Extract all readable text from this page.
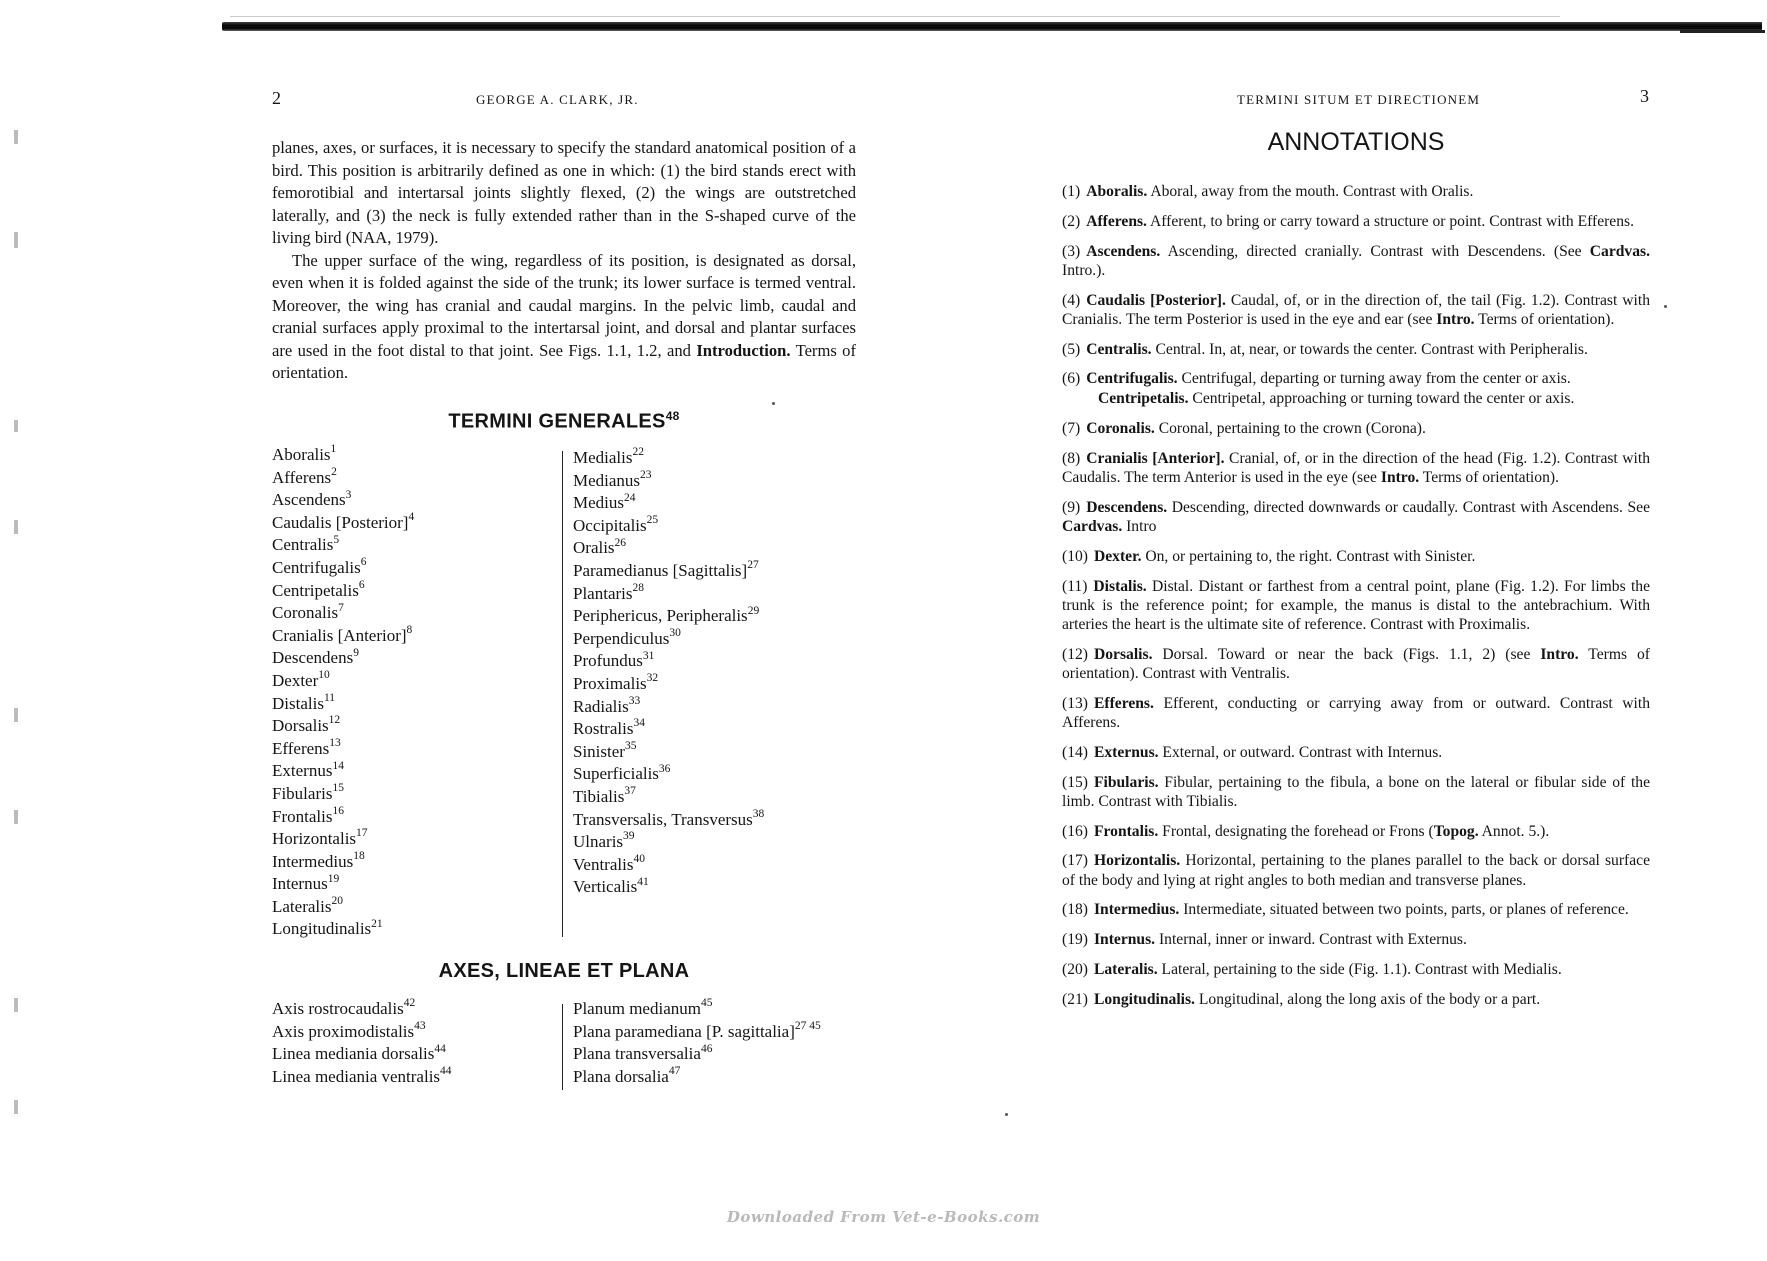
2	GEORGE A. CLARK, JR.

planes, axes, or surfaces, it is necessary to specify the standard anatomical position of a bird. This position is arbitrarily defined as one in which: (1) the bird stands erect with femorotibial and intertarsal joints slightly flexed, (2) the wings are outstretched laterally, and (3) the neck is fully extended rather than in the S-shaped curve of the living bird (NAA, 1979).

The upper surface of the wing, regardless of its position, is designated as dorsal, even when it is folded against the side of the trunk; its lower surface is termed ventral. Moreover, the wing has cranial and caudal margins. In the pelvic limb, caudal and cranial surfaces apply proximal to the intertarsal joint, and dorsal and plantar surfaces are used in the foot distal to that joint. See Figs. 1.1, 1.2, and Introduction. Terms of orientation.

TERMINI GENERALES$^{48}$
Aboralis$^1$
Afferens$^2$
Ascendens$^3$
Caudalis [Posterior]$^4$
Centralis$^5$
Centrifugalis$^6$
Centripetalis$^6$
Coronalis$^7$
Cranialis [Anterior]$^8$
Descendens$^9$
Dexter$^{10}$
Distalis$^{11}$
Dorsalis$^{12}$
Efferens$^{13}$
Externus$^{14}$
Fibularis$^{15}$
Frontalis$^{16}$
Horizontalis$^{17}$
Intermedius$^{18}$
Internus$^{19}$
Lateralis$^{20}$
Longitudinalis$^{21}$
Medialis$^{22}$
Medianus$^{23}$
Medius$^{24}$
Occipitalis$^{25}$
Oralis$^{26}$
Paramedianus [Sagittalis]$^{27}$
Plantaris$^{28}$
Periphericus, Peripheralis$^{29}$
Perpendiculus$^{30}$
Profundus$^{31}$
Proximalis$^{32}$
Radialis$^{33}$
Rostralis$^{34}$
Sinister$^{35}$
Superficialis$^{36}$
Tibialis$^{37}$
Transversalis, Transversus$^{38}$
Ulnaris$^{39}$
Ventralis$^{40}$
Verticalis$^{41}$
AXES, LINEAE ET PLANA
Axis rostrocaudalis$^{42}$
Axis proximodistalis$^{43}$
Linea mediania dorsalis$^{44}$
Linea mediania ventralis$^{44}$
Planum medianum$^{45}$
Plana paramediana [P. sagittalia]$^{27 45}$
Plana transversalia$^{46}$
Plana dorsalia$^{47}$
TERMINI SITUM ET DIRECTIONEM	3
ANNOTATIONS

(1) Aboralis. Aboral, away from the mouth. Contrast with Oralis.

(2) Afferens. Afferent, to bring or carry toward a structure or point. Contrast with Efferens.

(3) Ascendens. Ascending, directed cranially. Contrast with Descendens. (See Cardvas. Intro.).

(4) Caudalis [Posterior]. Caudal, of, or in the direction of, the tail (Fig. 1.2). Contrast with Cranialis. The term Posterior is used in the eye and ear (see Intro. Terms of orientation).

(5) Centralis. Central. In, at, near, or towards the center. Contrast with Peripheralis.

(6) Centrifugalis. Centrifugal, departing or turning away from the center or axis.

Centripetalis. Centripetal, approaching or turning toward the center or axis.

(7) Coronalis. Coronal, pertaining to the crown (Corona).

(8) Cranialis [Anterior]. Cranial, of, or in the direction of the head (Fig. 1.2). Contrast with Caudalis. The term Anterior is used in the eye (see Intro. Terms of orientation).

(9) Descendens. Descending, directed downwards or caudally. Contrast with Ascendens. See Cardvas. Intro

(10) Dexter. On, or pertaining to, the right. Contrast with Sinister.

(11) Distalis. Distal. Distant or farthest from a central point, plane (Fig. 1.2). For limbs the trunk is the reference point; for example, the manus is distal to the antebrachium. With arteries the heart is the ultimate site of reference. Contrast with Proximalis.

(12) Dorsalis. Dorsal. Toward or near the back (Figs. 1.1, 2) (see Intro. Terms of orientation). Contrast with Ventralis.

(13) Efferens. Efferent, conducting or carrying away from or outward. Contrast with Afferens.

(14) Externus. External, or outward. Contrast with Internus.

(15) Fibularis. Fibular, pertaining to the fibula, a bone on the lateral or fibular side of the limb. Contrast with Tibialis.

(16) Frontalis. Frontal, designating the forehead or Frons (Topog. Annot. 5.).

(17) Horizontalis. Horizontal, pertaining to the planes parallel to the back or dorsal surface of the body and lying at right angles to both median and transverse planes.

(18) Intermedius. Intermediate, situated between two points, parts, or planes of reference.

(19) Internus. Internal, inner or inward. Contrast with Externus.

(20) Lateralis. Lateral, pertaining to the side (Fig. 1.1). Contrast with Medialis.

(21) Longitudinalis. Longitudinal, along the long axis of the body or a part.

Downloaded From Vet-e-Books.com
